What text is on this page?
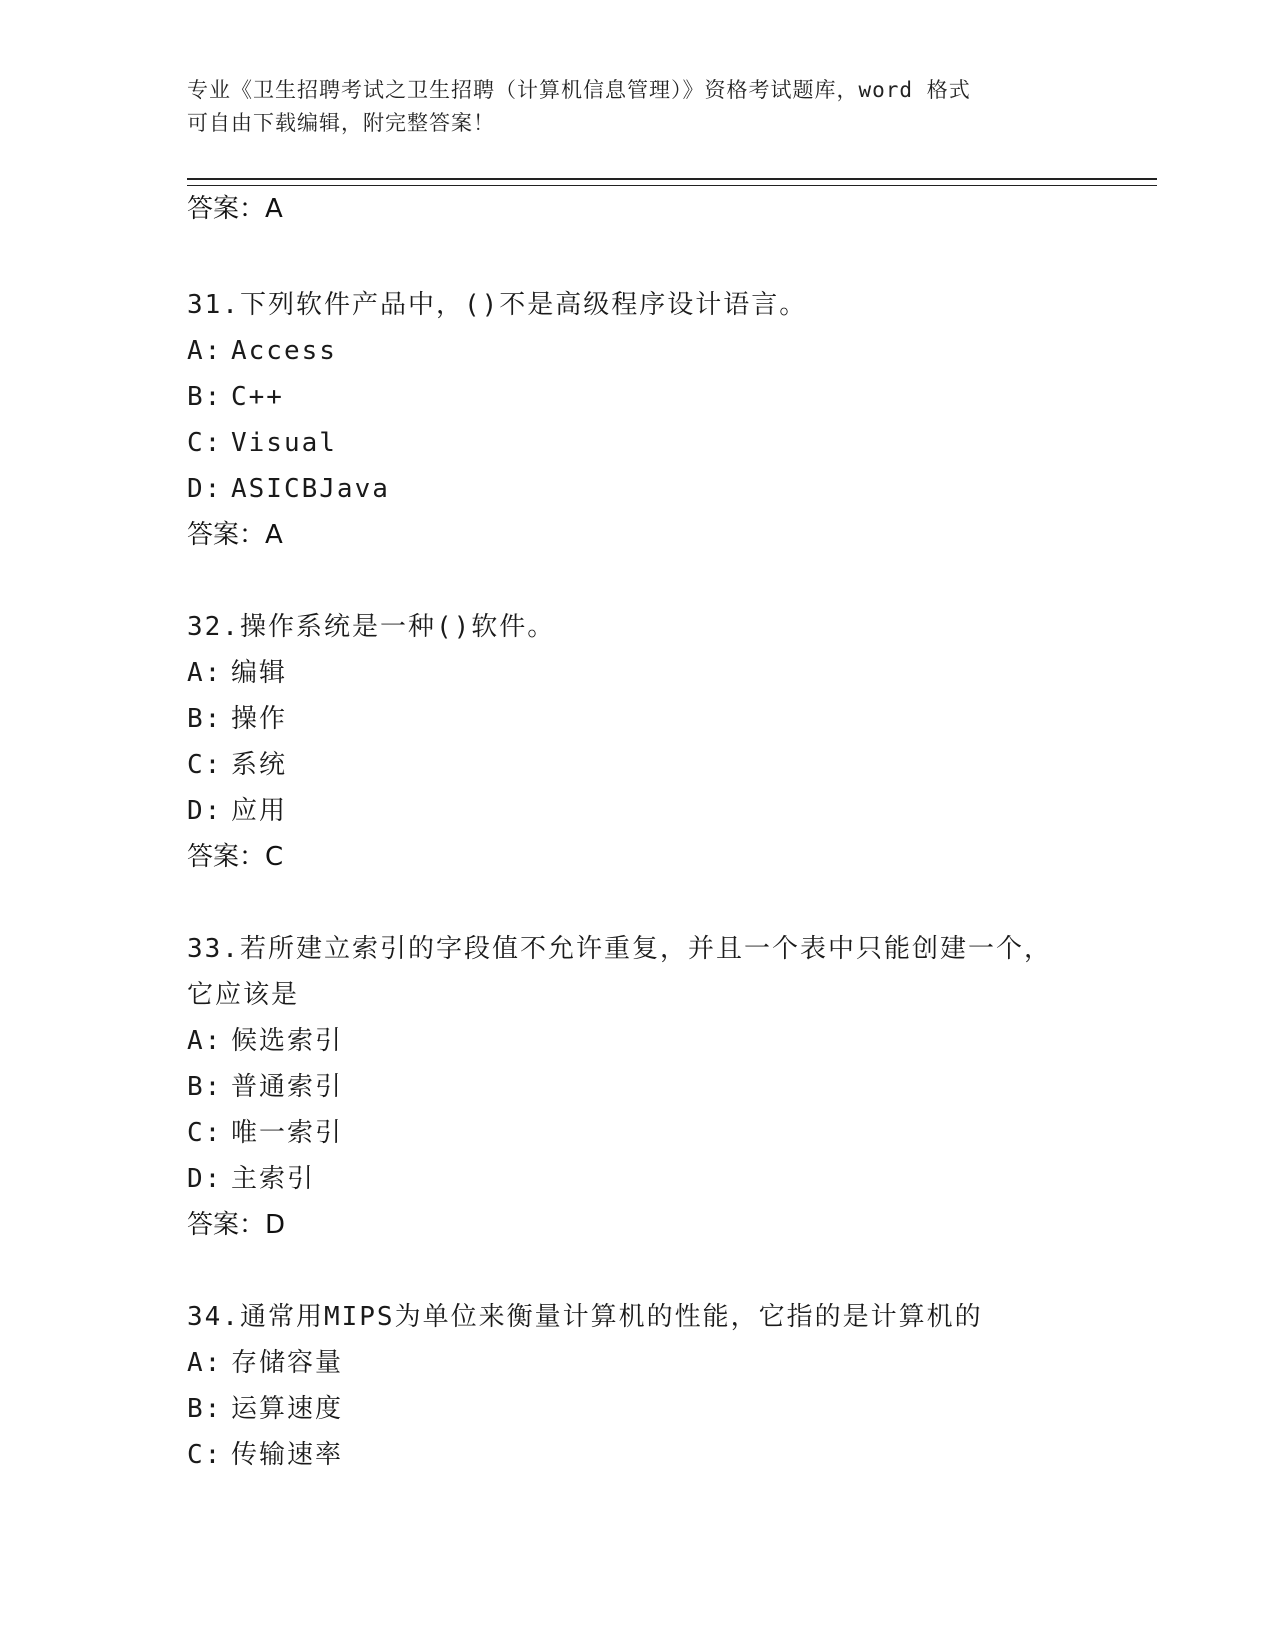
专业《卫生招聘考试之卫生招聘（计算机信息管理）》资格考试题库，word 格式
可自由下载编辑，附完整答案！
答案：A
31.下列软件产品中，()不是高级程序设计语言。
A: Access
B: C++
C: Visual
D: ASICBJava
答案：A
32.操作系统是一种()软件。
A: 编辑
B: 操作
C: 系统
D: 应用
答案：C
33.若所建立索引的字段值不允许重复，并且一个表中只能创建一个，它应该是
A: 候选索引
B: 普通索引
C: 唯一索引
D: 主索引
答案：D
34.通常用MIPS为单位来衡量计算机的性能，它指的是计算机的
A: 存储容量
B: 运算速度
C: 传输速率
